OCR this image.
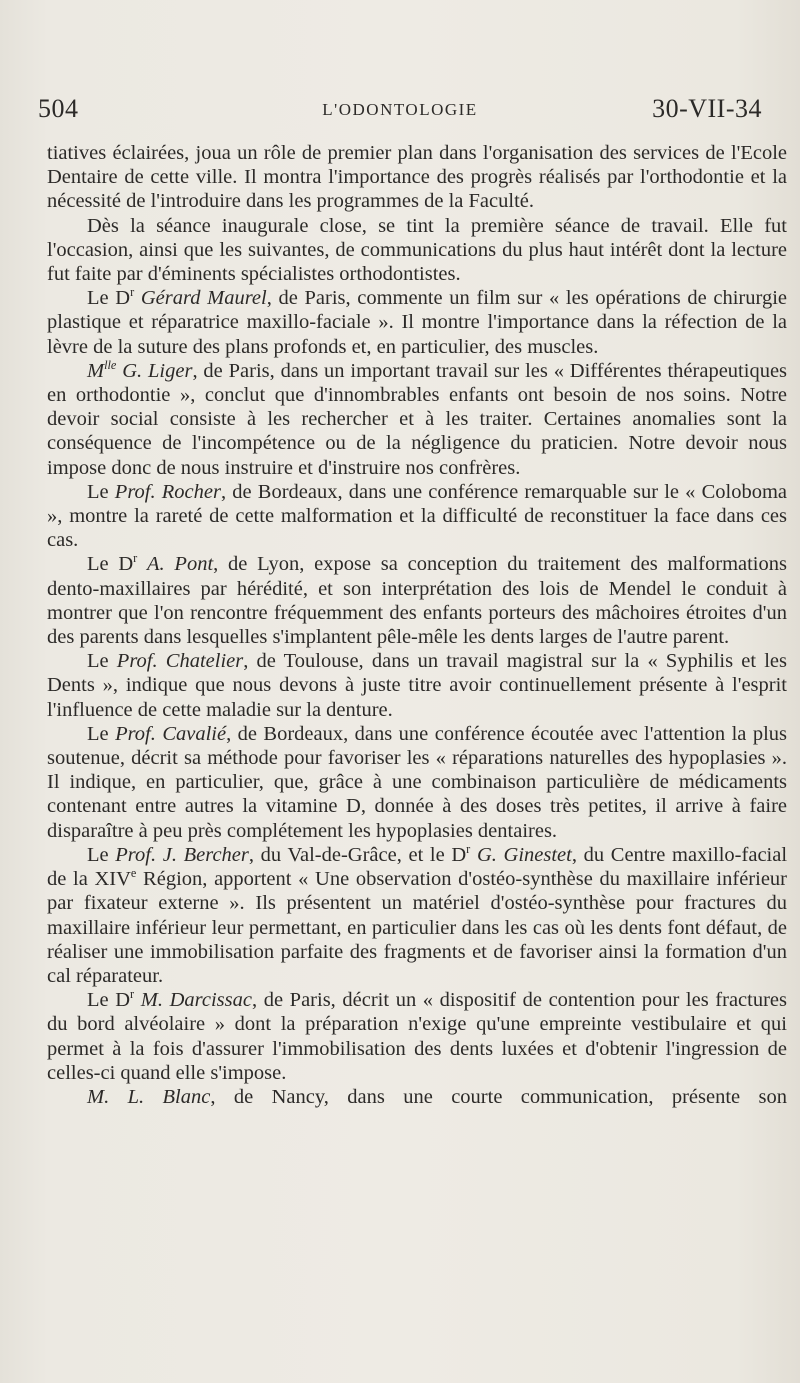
504	L'ODONTOLOGIE	30-VII-34

tiatives éclairées, joua un rôle de premier plan dans l'organisation des services de l'Ecole Dentaire de cette ville. Il montra l'importance des progrès réalisés par l'orthodontie et la nécessité de l'introduire dans les programmes de la Faculté.

Dès la séance inaugurale close, se tint la première séance de travail. Elle fut l'occasion, ainsi que les suivantes, de communications du plus haut intérêt dont la lecture fut faite par d'éminents spécialistes orthodontistes.

Le $D^r$ Gérard Maurel, de Paris, commente un film sur « les opérations de chirurgie plastique et réparatrice maxillo-faciale ». Il montre l'importance dans la réfection de la lèvre de la suture des plans profonds et, en particulier, des muscles.

$M^{lle}$ G. Liger, de Paris, dans un important travail sur les « Différentes thérapeutiques en orthodontie », conclut que d'innombrables enfants ont besoin de nos soins. Notre devoir social consiste à les rechercher et à les traiter. Certaines anomalies sont la conséquence de l'incompétence ou de la négligence du praticien. Notre devoir nous impose donc de nous instruire et d'instruire nos confrères.

Le Prof. Rocher, de Bordeaux, dans une conférence remarquable sur le « Coloboma », montre la rareté de cette malformation et la difficulté de reconstituer la face dans ces cas.

Le $D^r$ A. Pont, de Lyon, expose sa conception du traitement des malformations dento-maxillaires par hérédité, et son interprétation des lois de Mendel le conduit à montrer que l'on rencontre fréquemment des enfants porteurs des mâchoires étroites d'un des parents dans lesquelles s'implantent pêle-mêle les dents larges de l'autre parent.

Le Prof. Chatelier, de Toulouse, dans un travail magistral sur la « Syphilis et les Dents », indique que nous devons à juste titre avoir continuellement présente à l'esprit l'influence de cette maladie sur la denture.

Le Prof. Cavalié, de Bordeaux, dans une conférence écoutée avec l'attention la plus soutenue, décrit sa méthode pour favoriser les « réparations naturelles des hypoplasies ». Il indique, en particulier, que, grâce à une combinaison particulière de médicaments contenant entre autres la vitamine D, donnée à des doses très petites, il arrive à faire disparaître à peu près complétement les hypoplasies dentaires.

Le Prof. J. Bercher, du Val-de-Grâce, et le $D^r$ G. Ginestet, du Centre maxillo-facial de la XIVe Région, apportent « Une observation d'ostéo-synthèse du maxillaire inférieur par fixateur externe ». Ils présentent un matériel d'ostéo-synthèse pour fractures du maxillaire inférieur leur permettant, en particulier dans les cas où les dents font défaut, de réaliser une immobilisation parfaite des fragments et de favoriser ainsi la formation d'un cal réparateur.

Le $D^r$ M. Darcissac, de Paris, décrit un « dispositif de contention pour les fractures du bord alvéolaire » dont la préparation n'exige qu'une empreinte vestibulaire et qui permet à la fois d'assurer l'immobilisation des dents luxées et d'obtenir l'ingression de celles-ci quand elle s'impose.

M. L. Blanc, de Nancy, dans une courte communication, présente son
